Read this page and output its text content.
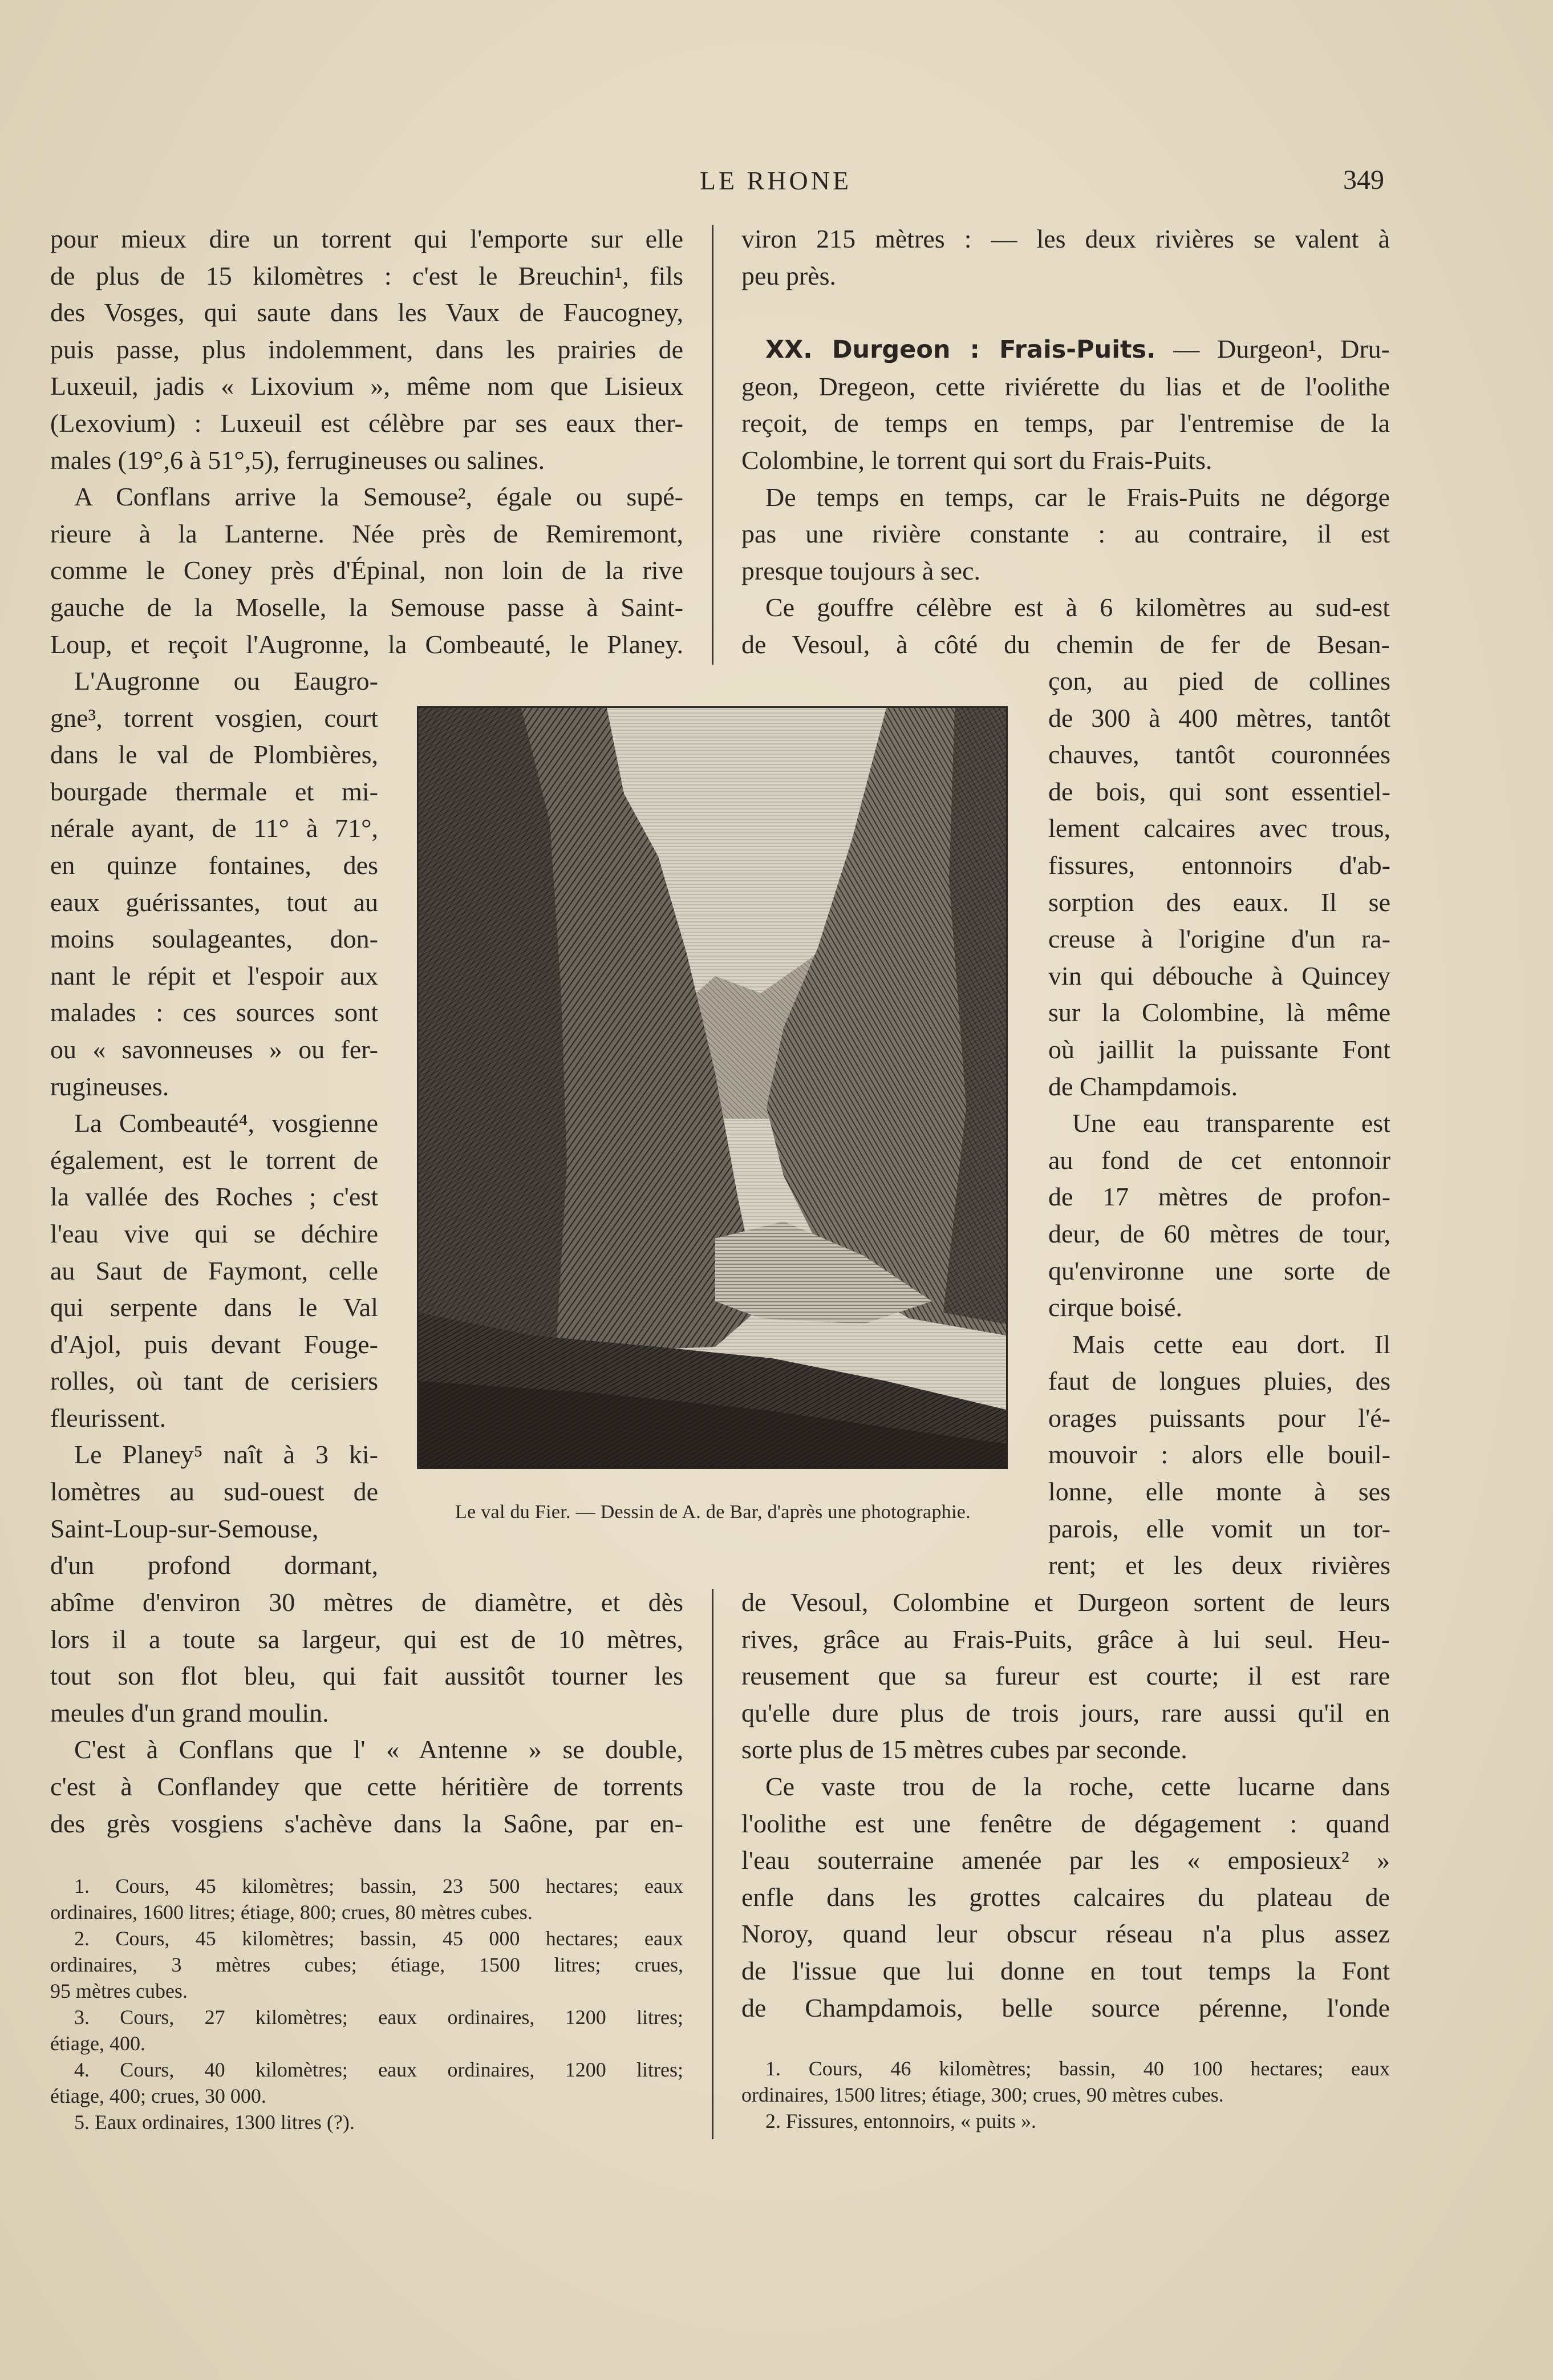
LE RHONE	349

pour mieux dire un torrent qui l'emporte sur elle

de plus de 15 kilomètres : c'est le Breuchin¹, fils

des Vosges, qui saute dans les Vaux de Faucogney,

puis passe, plus indolemment, dans les prairies de

Luxeuil, jadis « Lixovium », même nom que Lisieux

(Lexovium) : Luxeuil est célèbre par ses eaux ther-

males (19°,6 à 51°,5), ferrugineuses ou salines.

A Conflans arrive la Semouse², égale ou supé-

rieure à la Lanterne. Née près de Remiremont,

comme le Coney près d'Épinal, non loin de la rive

gauche de la Moselle, la Semouse passe à Saint-

Loup, et reçoit l'Augronne, la Combeauté, le Planey.

L'Augronne ou Eaugro-

gne³, torrent vosgien, court

dans le val de Plombières,

bourgade thermale et mi-

nérale ayant, de 11° à 71°,

en quinze fontaines, des

eaux guérissantes, tout au

moins soulageantes, don-

nant le répit et l'espoir aux

malades : ces sources sont

ou « savonneuses » ou fer-

rugineuses.

La Combeauté⁴, vosgienne

également, est le torrent de

la vallée des Roches ; c'est

l'eau vive qui se déchire

au Saut de Faymont, celle

qui serpente dans le Val

d'Ajol, puis devant Fouge-

rolles, où tant de cerisiers

fleurissent.

Le Planey⁵ naît à 3 ki-

lomètres au sud-ouest de

Saint-Loup-sur-Semouse,

d'un profond dormant,

abîme d'environ 30 mètres de diamètre, et dès

lors il a toute sa largeur, qui est de 10 mètres,

tout son flot bleu, qui fait aussitôt tourner les

meules d'un grand moulin.

C'est à Conflans que l' « Antenne » se double,

c'est à Conflandey que cette héritière de torrents

des grès vosgiens s'achève dans la Saône, par en-

1. Cours, 45 kilomètres; bassin, 23 500 hectares; eaux

ordinaires, 1600 litres; étiage, 800; crues, 80 mètres cubes.

2. Cours, 45 kilomètres; bassin, 45 000 hectares; eaux

ordinaires, 3 mètres cubes; étiage, 1500 litres; crues,

95 mètres cubes.

3. Cours, 27 kilomètres; eaux ordinaires, 1200 litres;

étiage, 400.

4. Cours, 40 kilomètres; eaux ordinaires, 1200 litres;

étiage, 400; crues, 30 000.

5. Eaux ordinaires, 1300 litres (?).

viron 215 mètres : — les deux rivières se valent à

peu près.

XX. Durgeon : Frais-Puits. — Durgeon¹, Dru-

geon, Dregeon, cette riviérette du lias et de l'oolithe

reçoit, de temps en temps, par l'entremise de la

Colombine, le torrent qui sort du Frais-Puits.

De temps en temps, car le Frais-Puits ne dégorge

pas une rivière constante : au contraire, il est

presque toujours à sec.

Ce gouffre célèbre est à 6 kilomètres au sud-est

de Vesoul, à côté du chemin de fer de Besan-

çon, au pied de collines

de 300 à 400 mètres, tantôt

chauves, tantôt couronnées

de bois, qui sont essentiel-

lement calcaires avec trous,

fissures, entonnoirs d'ab-

sorption des eaux. Il se

creuse à l'origine d'un ra-

vin qui débouche à Quincey

sur la Colombine, là même

où jaillit la puissante Font

de Champdamois.

Une eau transparente est

au fond de cet entonnoir

de 17 mètres de profon-

deur, de 60 mètres de tour,

qu'environne une sorte de

cirque boisé.

Mais cette eau dort. Il

faut de longues pluies, des

orages puissants pour l'é-

mouvoir : alors elle bouil-

lonne, elle monte à ses

parois, elle vomit un tor-

rent; et les deux rivières

de Vesoul, Colombine et Durgeon sortent de leurs

rives, grâce au Frais-Puits, grâce à lui seul. Heu-

reusement que sa fureur est courte; il est rare

qu'elle dure plus de trois jours, rare aussi qu'il en

sorte plus de 15 mètres cubes par seconde.

Ce vaste trou de la roche, cette lucarne dans

l'oolithe est une fenêtre de dégagement : quand

l'eau souterraine amenée par les « emposieux² »

enfle dans les grottes calcaires du plateau de

Noroy, quand leur obscur réseau n'a plus assez

de l'issue que lui donne en tout temps la Font

de Champdamois, belle source pérenne, l'onde

1. Cours, 46 kilomètres; bassin, 40 100 hectares; eaux

ordinaires, 1500 litres; étiage, 300; crues, 90 mètres cubes.

2. Fissures, entonnoirs, « puits ».

Le val du Fier. — Dessin de A. de Bar, d'après une photographie.
